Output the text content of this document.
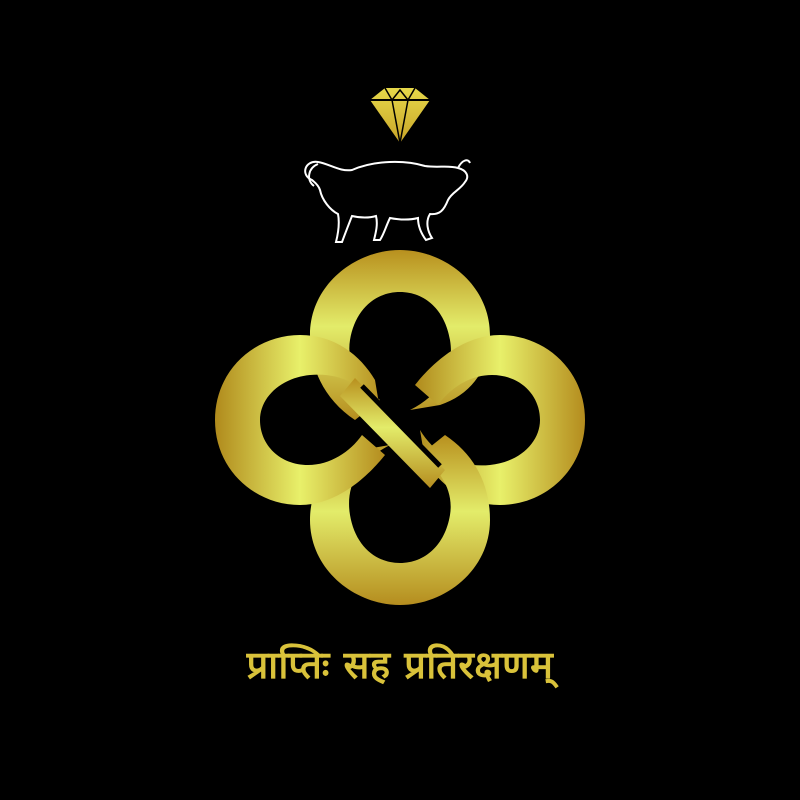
प्राप्तिः सह प्रतिरक्षणम्
